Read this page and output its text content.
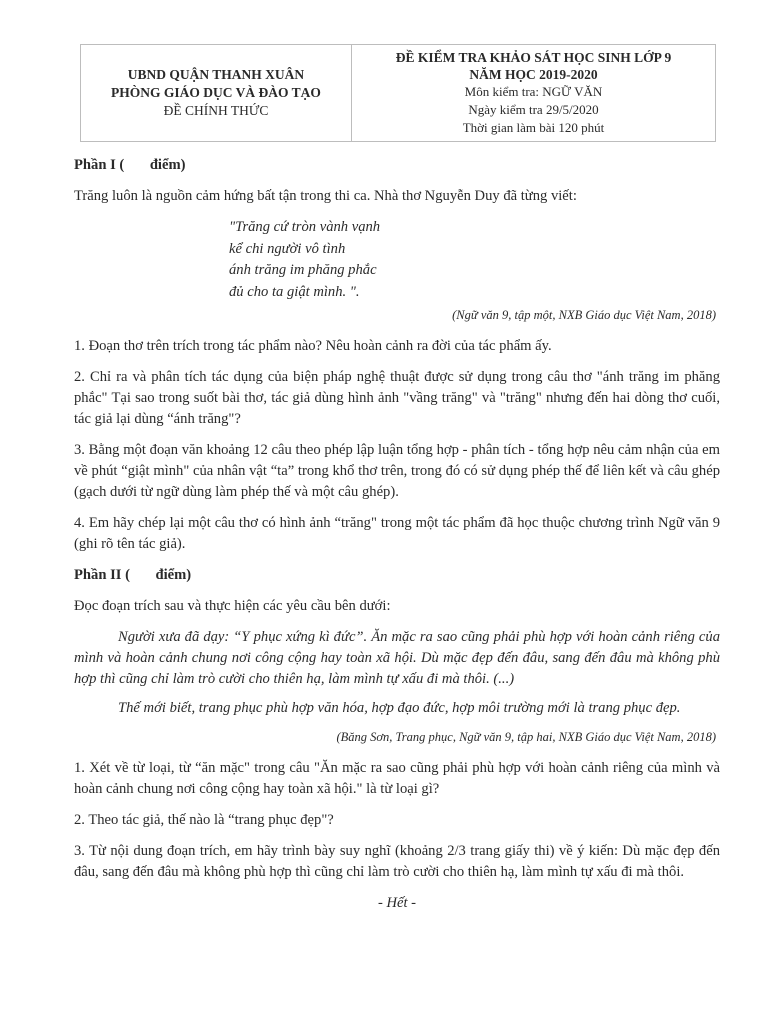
UBND QUẬN THANH XUÂN
PHÒNG GIÁO DỤC VÀ ĐÀO TẠO
ĐỀ CHÍNH THỨC
ĐỀ KIỂM TRA KHẢO SÁT HỌC SINH LỚP 9
NĂM HỌC 2019-2020
Môn kiểm tra: NGỮ VĂN
Ngày kiểm tra 29/5/2020
Thời gian làm bài 120 phút
Phần I (       điểm)

Trăng luôn là nguồn cảm hứng bất tận trong thi ca. Nhà thơ Nguyễn Duy đã từng viết:

"Trăng cứ tròn vành vạnh
kể chi người vô tình
ánh trăng im phăng phắc
đủ cho ta giật mình. ".
(Ngữ văn 9, tập một, NXB Giáo dục Việt Nam, 2018)

1. Đoạn thơ trên trích trong tác phẩm nào? Nêu hoàn cảnh ra đời của tác phẩm ấy.

2. Chỉ ra và phân tích tác dụng của biện pháp nghệ thuật được sử dụng trong câu thơ "ánh trăng im phăng phắc" Tại sao trong suốt bài thơ, tác giả dùng hình ảnh "vầng trăng" và "trăng" nhưng đến hai dòng thơ cuối, tác giả lại dùng “ánh trăng"?

3. Bằng một đoạn văn khoảng 12 câu theo phép lập luận tổng hợp - phân tích - tổng hợp nêu cảm nhận của em về phút “giật mình" của nhân vật “ta” trong khổ thơ trên, trong đó có sử dụng phép thế để liên kết và câu ghép (gạch dưới từ ngữ dùng làm phép thế và một câu ghép).

4. Em hãy chép lại một câu thơ có hình ảnh “trăng" trong một tác phẩm đã học thuộc chương trình Ngữ văn 9 (ghi rõ tên tác giả).

Phần II (       điểm)

Đọc đoạn trích sau và thực hiện các yêu cầu bên dưới:

Người xưa đã dạy: “Y phục xứng kì đức”. Ăn mặc ra sao cũng phải phù hợp với hoàn cảnh riêng của mình và hoàn cảnh chung nơi công cộng hay toàn xã hội. Dù mặc đẹp đến đâu, sang đến đâu mà không phù hợp thì cũng chỉ làm trò cười cho thiên hạ, làm mình tự xấu đi mà thôi. (...)

Thế mới biết, trang phục phù hợp văn hóa, hợp đạo đức, hợp môi trường mới là trang phục đẹp.

(Băng Sơn, Trang phục, Ngữ văn 9, tập hai, NXB Giáo dục Việt Nam, 2018)

1. Xét về từ loại, từ “ăn mặc" trong câu "Ăn mặc ra sao cũng phải phù hợp với hoàn cảnh riêng của mình và hoàn cảnh chung nơi công cộng hay toàn xã hội." là từ loại gì?

2. Theo tác giả, thế nào là “trang phục đẹp"?

3. Từ nội dung đoạn trích, em hãy trình bày suy nghĩ (khoảng 2/3 trang giấy thi) về ý kiến: Dù mặc đẹp đến đâu, sang đến đâu mà không phù hợp thì cũng chỉ làm trò cười cho thiên hạ, làm mình tự xấu đi mà thôi.

- Hết -
